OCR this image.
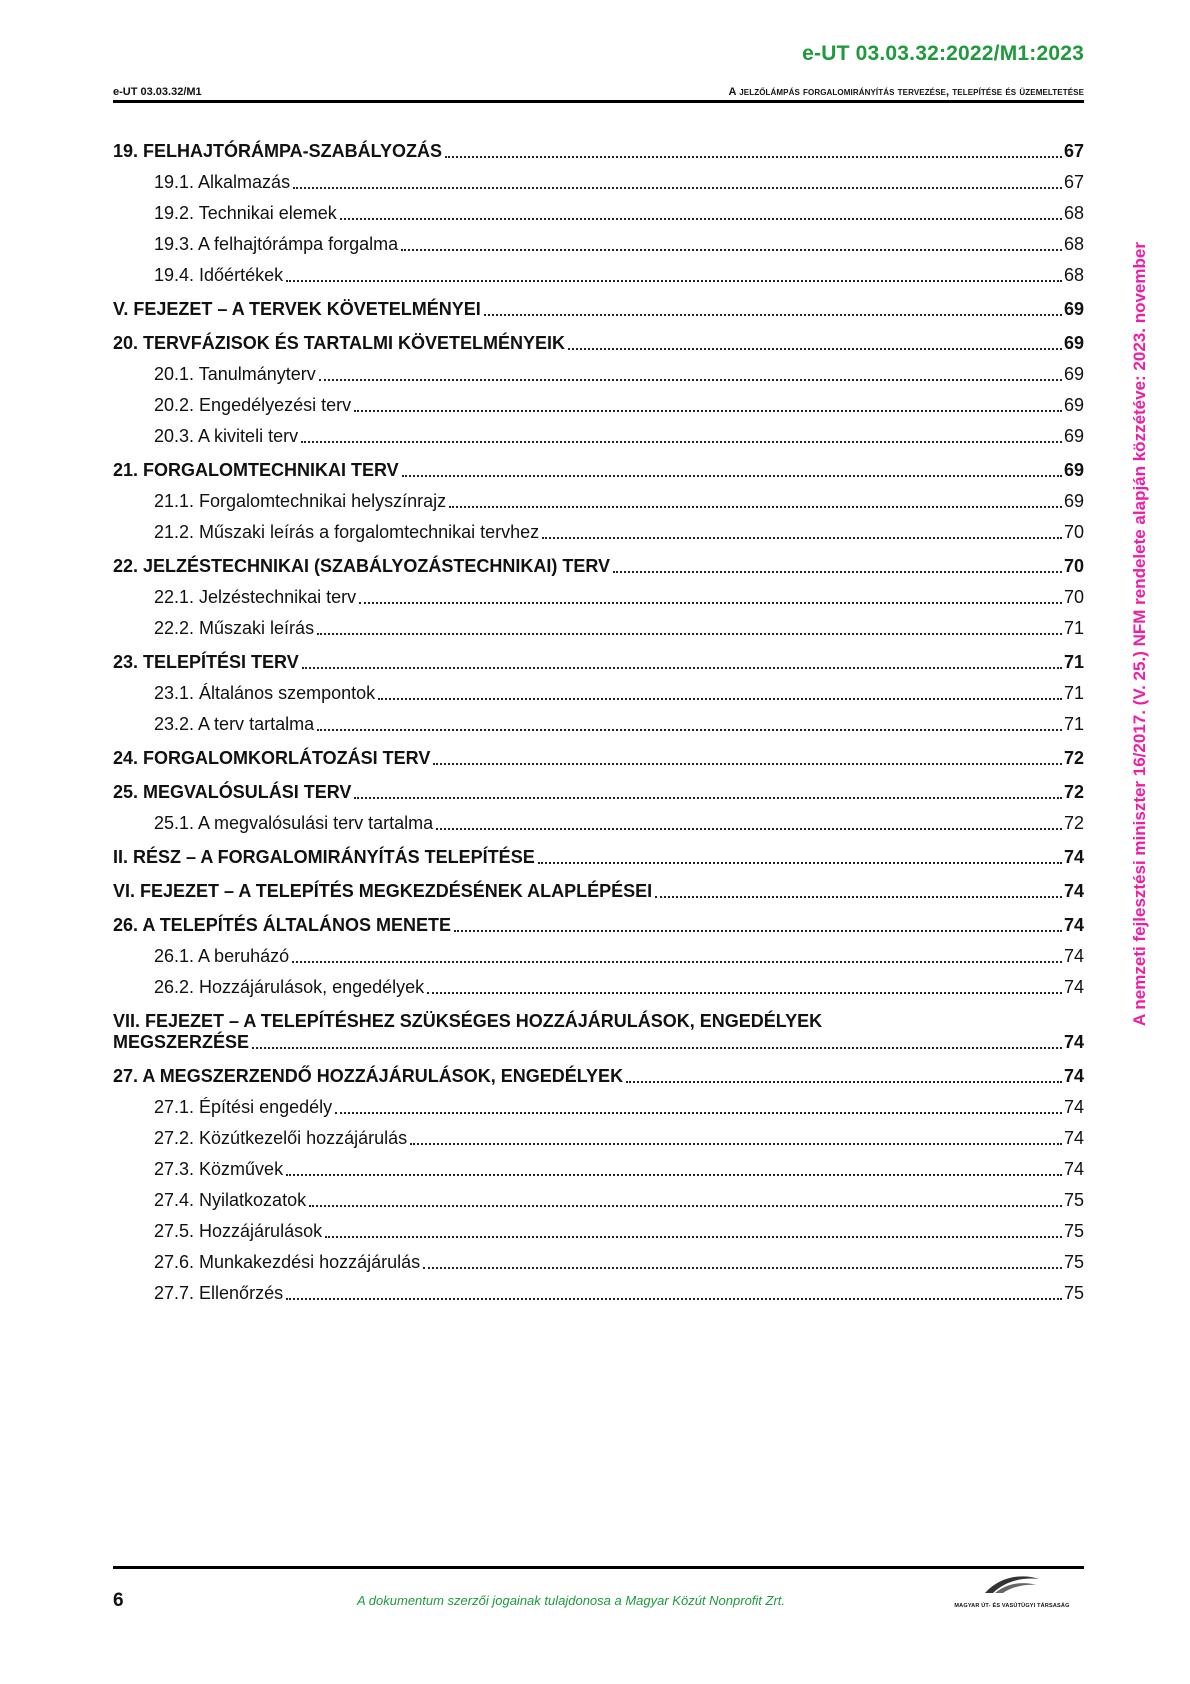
e-UT 03.03.32:2022/M1:2023
e-UT 03.03.32/M1	A jelzőlámpás forgalomirányítás tervezése, telepítése és üzemeltetése
A nemzeti fejlesztési miniszter 16/2017. (V. 25.) NFM rendelete alapján közzétéve: 2023. november
19. FELHAJTÓRÁMPA-SZABÁLYOZÁS	67
19.1. Alkalmazás	67
19.2. Technikai elemek	68
19.3. A felhajtórámpa forgalma	68
19.4. Időértékek	68
V. FEJEZET – A TERVEK KÖVETELMÉNYEI	69
20. TERVFÁZISOK ÉS TARTALMI KÖVETELMÉNYEIK	69
20.1. Tanulmányterv	69
20.2. Engedélyezési terv	69
20.3. A kiviteli terv	69
21. FORGALOMTECHNIKAI TERV	69
21.1. Forgalomtechnikai helyszínrajz	69
21.2. Műszaki leírás a forgalomtechnikai tervhez	70
22. JELZÉSTECHNIKAI (SZABÁLYOZÁSTECHNIKAI) TERV	70
22.1. Jelzéstechnikai terv	70
22.2. Műszaki leírás	71
23. TELEPÍTÉSI TERV	71
23.1. Általános szempontok	71
23.2. A terv tartalma	71
24. FORGALOMKORLÁTOZÁSI TERV	72
25. MEGVALÓSULÁSI TERV	72
25.1. A megvalósulási terv tartalma	72
II. RÉSZ – A FORGALOMIRÁNYÍTÁS TELEPÍTÉSE	74
VI. FEJEZET – A TELEPÍTÉS MEGKEZDÉSÉNEK ALAPLÉPÉSEI	74
26. A TELEPÍTÉS ÁLTALÁNOS MENETE	74
26.1. A beruházó	74
26.2. Hozzájárulások, engedélyek	74
VII. FEJEZET – A TELEPÍTÉSHEZ SZÜKSÉGES HOZZÁJÁRULÁSOK, ENGEDÉLYEK
MEGSZERZÉSE	74
27. A MEGSZERZENDŐ HOZZÁJÁRULÁSOK, ENGEDÉLYEK	74
27.1. Építési engedély	74
27.2. Közútkezelői hozzájárulás	74
27.3. Közművek	74
27.4. Nyilatkozatok	75
27.5. Hozzájárulások	75
27.6. Munkakezdési hozzájárulás	75
27.7. Ellenőrzés	75
6	A dokumentum szerzői jogainak tulajdonosa a Magyar Közút Nonprofit Zrt.	MAGYAR ÚT- ÉS VASÚTÜGYI TÁRSASÁG
